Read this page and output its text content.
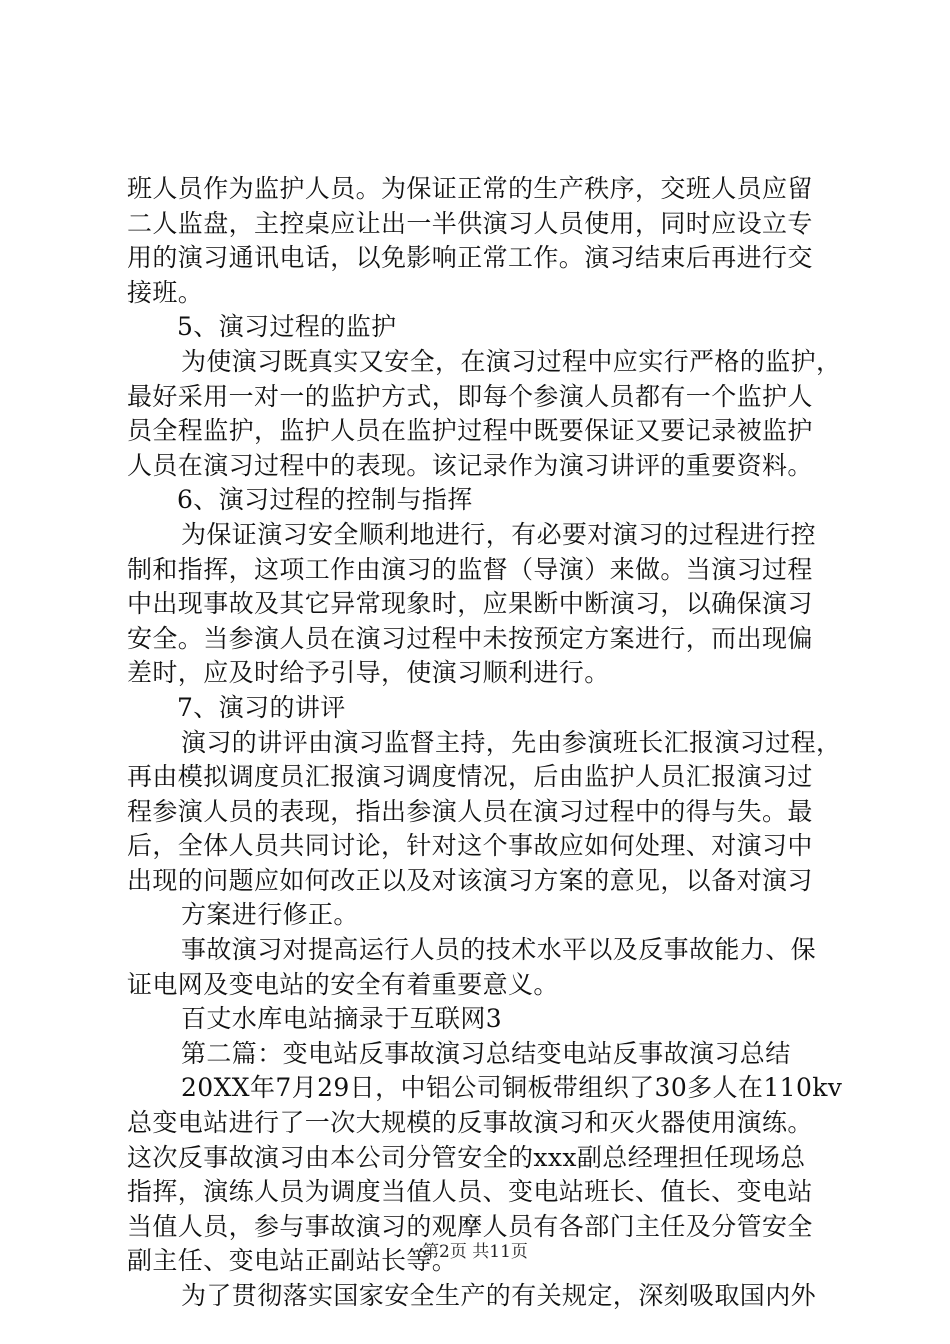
班人员作为监护人员。为保证正常的生产秩序，交班人员应留
二人监盘，主控桌应让出一半供演习人员使用，同时应设立专
用的演习通讯电话，以免影响正常工作。演习结束后再进行交
接班。
5、演习过程的监护
为使演习既真实又安全，在演习过程中应实行严格的监护，
最好采用一对一的监护方式，即每个参演人员都有一个监护人
员全程监护，监护人员在监护过程中既要保证又要记录被监护
人员在演习过程中的表现。该记录作为演习讲评的重要资料。
6、演习过程的控制与指挥
为保证演习安全顺利地进行，有必要对演习的过程进行控
制和指挥，这项工作由演习的监督（导演）来做。当演习过程
中出现事故及其它异常现象时，应果断中断演习，以确保演习
安全。当参演人员在演习过程中未按预定方案进行，而出现偏
差时，应及时给予引导，使演习顺利进行。
7、演习的讲评
演习的讲评由演习监督主持，先由参演班长汇报演习过程，
再由模拟调度员汇报演习调度情况，后由监护人员汇报演习过
程参演人员的表现，指出参演人员在演习过程中的得与失。最
后，全体人员共同讨论，针对这个事故应如何处理、对演习中
出现的问题应如何改正以及对该演习方案的意见，以备对演习
方案进行修正。
事故演习对提高运行人员的技术水平以及反事故能力、保
证电网及变电站的安全有着重要意义。
百丈水库电站摘录于互联网3
第二篇：变电站反事故演习总结变电站反事故演习总结
20XX年7月29日，中铝公司铜板带组织了30多人在110kv
总变电站进行了一次大规模的反事故演习和灭火器使用演练。
这次反事故演习由本公司分管安全的xxx副总经理担任现场总
指挥，演练人员为调度当值人员、变电站班长、值长、变电站
当值人员，参与事故演习的观摩人员有各部门主任及分管安全
副主任、变电站正副站长等。
为了贯彻落实国家安全生产的有关规定，深刻吸取国内外
第2页 共11页
